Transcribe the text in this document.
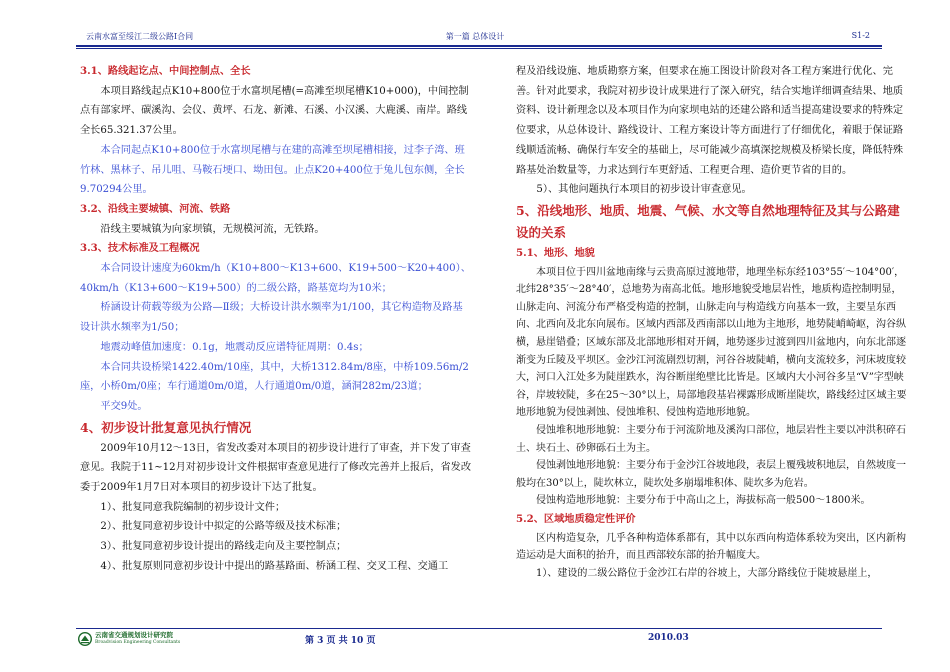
云南水富至绥江二级公路Ⅰ合同	第一篇 总体设计	S1-2

3.1、路线起讫点、中间控制点、全长

本项目路线起点K10+800位于水富坝尾槽(=高滩至坝尾槽K10+000)，中间控制点有部家坪、碳溪沟、会仪、黄坪、石龙、新滩、石溪、小汉溪、大鹿溪、南岸。路线全长65.321.37公里。

本合同起点K10+800位于水富坝尾槽与在建的高滩至坝尾槽相接，过李子湾、班竹林、黑林子、吊儿咀、马鞍石埂口、坳田包。止点K20+400位于兔儿包东侧，全长9.70294公里。

3.2、沿线主要城镇、河流、铁路

沿线主要城镇为向家坝镇，无规模河流，无铁路。

3.3、技术标准及工程概况

本合同设计速度为60km/h（K10+800～K13+600、K19+500～K20+400）、40km/h（K13+600～K19+500）的二级公路，路基宽均为10米；

桥涵设计荷载等级为公路—Ⅱ级；大桥设计洪水频率为1/100，其它构造物及路基设计洪水频率为1/50；

地震动峰值加速度：0.1g，地震动反应谱特征周期：0.4s；

本合同共设桥梁1422.40m/10座，其中，大桥1312.84m/8座，中桥109.56m/2座，小桥0m/0座；车行通道0m/0道，人行通道0m/0道，涵洞282m/23道；

平交9处。

4、初步设计批复意见执行情况

2009年10月12～13日，省发改委对本项目的初步设计进行了审查，并下发了审查意见。我院于11~12月对初步设计文件根据审查意见进行了修改完善并上报后，省发改委于2009年1月7日对本项目的初步设计下达了批复。

1）、批复同意我院编制的初步设计文件；

2）、批复同意初步设计中拟定的公路等级及技术标准；

3）、批复同意初步设计提出的路线走向及主要控制点；

4）、批复原则同意初步设计中提出的路基路面、桥涵工程、交叉工程、交通工

程及沿线设施、地质勘察方案，但要求在施工图设计阶段对各工程方案进行优化、完善。针对此要求，我院对初步设计成果进行了深入研究，结合实地详细调查结果、地质资料、设计新理念以及本项目作为向家坝电站的还建公路和适当提高建设要求的特殊定位要求，从总体设计、路线设计、工程方案设计等方面进行了仔细优化，着眼于保证路线顺适流畅、确保行车安全的基础上，尽可能减少高填深挖规模及桥梁长度，降低特殊路基处治数量等，力求达到行车更舒适、工程更合理、造价更节省的目的。

5）、其他问题执行本项目的初步设计审查意见。

5、沿线地形、地质、地震、气候、水文等自然地理特征及其与公路建设的关系

5.1、地形、地貌

本项目位于四川盆地南缘与云贵高原过渡地带，地理坐标东经103°55′～104°00′，北纬28°35′～28°40′，总地势为南高北低。地形地貌受地层岩性，地质构造控制明显，山脉走向、河流分布严格受构造的控制，山脉走向与构造线方向基本一致，主要呈东西向、北西向及北东向展布。区域内西部及西南部以山地为主地形，地势陡峭崎岖，沟谷纵横，悬崖错叠；区域东部及北部地形相对开阔，地势逐步过渡到四川盆地内，向东北部逐渐变为丘陵及平坝区。金沙江河流剧烈切割，河谷谷坡陡峭，横向支流较多，河床坡度较大，河口入江处多为陡崖跌水，沟谷断崖绝壁比比皆是。区域内大小河谷多呈“V”字型峡谷，岸坡较陡，多在25～30°以上，局部地段基岩裸露形成断崖陡坎，路线经过区域主要地形地貌为侵蚀剥蚀、侵蚀堆积、侵蚀构造地形地貌。

侵蚀堆积地形地貌：主要分布于河流阶地及溪沟口部位，地层岩性主要以冲洪积碎石土、块石土、砂卵砾石土为主。

侵蚀剥蚀地形地貌：主要分布于金沙江谷坡地段，表层上覆残坡积地层，自然坡度一般均在30°以上，陡坎林立，陡坎处多崩塌堆积体、陡坎多为危岩。

侵蚀构造地形地貌：主要分布于中高山之上，海拔标高一般500～1800米。

5.2、区域地质稳定性评价

区内构造复杂，几乎各种构造体系都有，其中以东西向构造体系较为突出，区内新构造运动是大面积的抬升，而且西部较东部的抬升幅度大。

1）、建设的二级公路位于金沙江右岸的谷坡上，大部分路线位于陡坡悬崖上，

云南省交通规划设计研究院
Broadvision Engineering Consultants	第 3 页 共 10 页	2010.03
